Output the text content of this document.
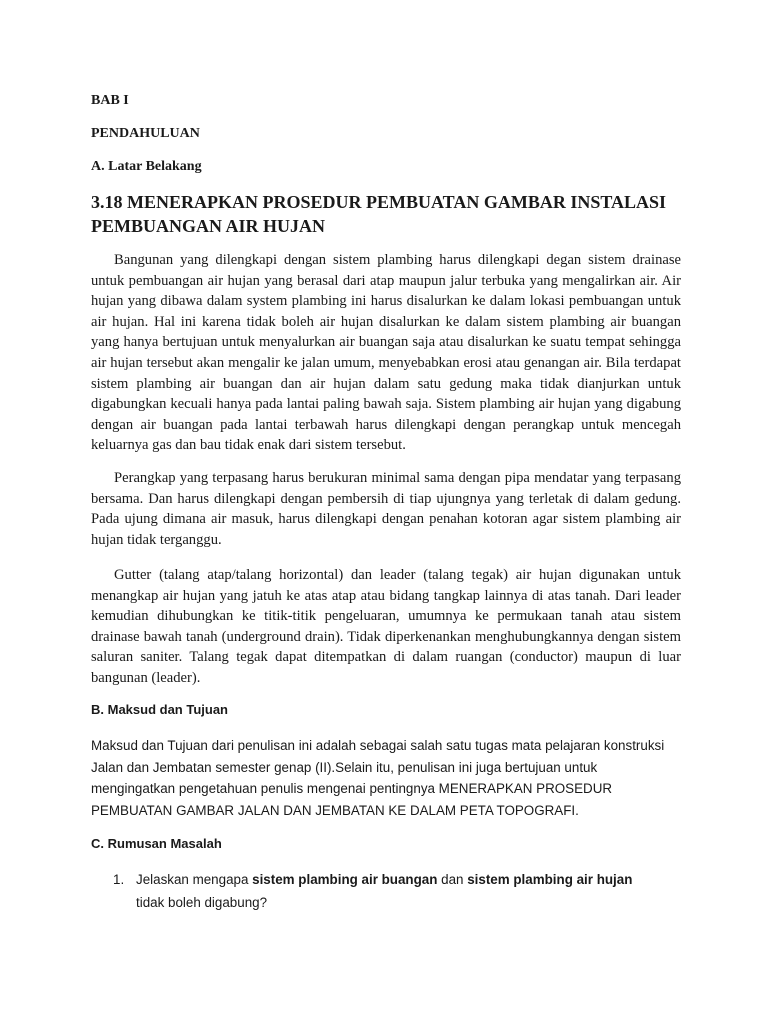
BAB I

PENDAHULUAN

A. Latar Belakang

3.18 MENERAPKAN PROSEDUR PEMBUATAN GAMBAR INSTALASI PEMBUANGAN AIR HUJAN

Bangunan yang dilengkapi dengan sistem plambing harus dilengkapi degan sistem drainase untuk pembuangan air hujan yang berasal dari atap maupun jalur terbuka yang mengalirkan air. Air hujan yang dibawa dalam system plambing ini harus disalurkan ke dalam lokasi pembuangan untuk air hujan. Hal ini karena tidak boleh air hujan disalurkan ke dalam sistem plambing air buangan yang hanya bertujuan untuk menyalurkan air buangan saja atau disalurkan ke suatu tempat sehingga air hujan tersebut akan mengalir ke jalan umum, menyebabkan erosi atau genangan air. Bila terdapat sistem plambing air buangan dan air hujan dalam satu gedung maka tidak dianjurkan untuk digabungkan kecuali hanya pada lantai paling bawah saja. Sistem plambing air hujan yang digabung dengan air buangan pada lantai terbawah harus dilengkapi dengan perangkap untuk mencegah keluarnya gas dan bau tidak enak dari sistem tersebut.

Perangkap yang terpasang harus berukuran minimal sama dengan pipa mendatar yang terpasang bersama. Dan harus dilengkapi dengan pembersih di tiap ujungnya yang terletak di dalam gedung. Pada ujung dimana air masuk, harus dilengkapi dengan penahan kotoran agar sistem plambing air hujan tidak terganggu.

Gutter (talang atap/talang horizontal) dan leader (talang tegak) air hujan digunakan untuk menangkap air hujan yang jatuh ke atas atap atau bidang tangkap lainnya di atas tanah. Dari leader kemudian dihubungkan ke titik-titik pengeluaran, umumnya ke permukaan tanah atau sistem drainase bawah tanah (underground drain). Tidak diperkenankan menghubungkannya dengan sistem saluran saniter. Talang tegak dapat ditempatkan di dalam ruangan (conductor) maupun di luar bangunan (leader).

B. Maksud dan Tujuan

Maksud dan Tujuan dari penulisan ini adalah sebagai salah satu tugas mata pelajaran konstruksi Jalan dan Jembatan semester genap (II).Selain itu, penulisan ini juga bertujuan untuk mengingatkan pengetahuan penulis mengenai pentingnya MENERAPKAN PROSEDUR PEMBUATAN GAMBAR JALAN DAN JEMBATAN KE DALAM PETA TOPOGRAFI.

C. Rumusan Masalah

1. Jelaskan mengapa sistem plambing air buangan dan sistem plambing air hujan tidak boleh digabung?
